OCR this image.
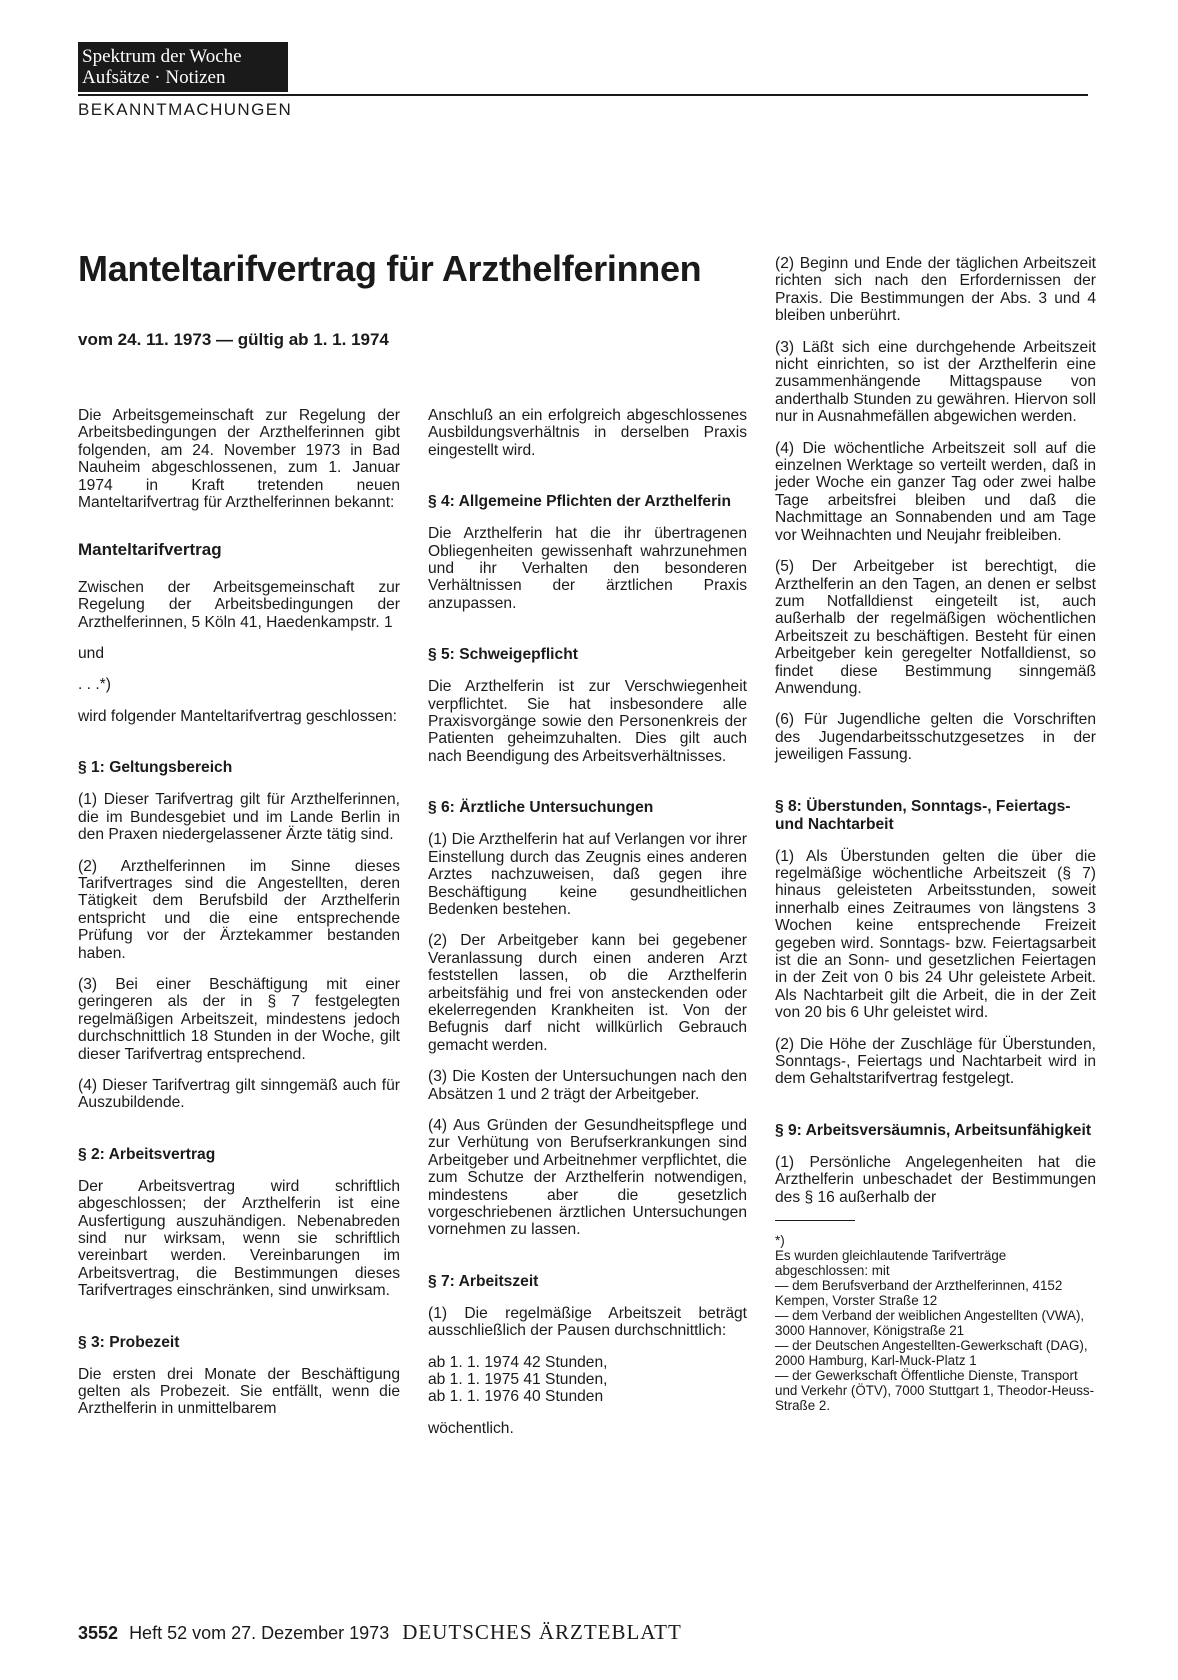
Spektrum der Woche
Aufsätze · Notizen
BEKANNTMACHUNGEN
Manteltarifvertrag für Arzthelferinnen
vom 24. 11. 1973 — gültig ab 1. 1. 1974

Die Arbeitsgemeinschaft zur Regelung der Arbeitsbedingungen der Arzthelferinnen gibt folgenden, am 24. November 1973 in Bad Nauheim abgeschlossenen, zum 1. Januar 1974 in Kraft tretenden neuen Manteltarifvertrag für Arzthelferinnen bekannt:

Manteltarifvertrag

Zwischen der Arbeitsgemeinschaft zur Regelung der Arbeitsbedingungen der Arzthelferinnen, 5 Köln 41, Haedenkampstr. 1

und

. . .*)

wird folgender Manteltarifvertrag geschlossen:

§ 1: Geltungsbereich

(1) Dieser Tarifvertrag gilt für Arzthelferinnen, die im Bundesgebiet und im Lande Berlin in den Praxen niedergelassener Ärzte tätig sind.

(2) Arzthelferinnen im Sinne dieses Tarifvertrages sind die Angestellten, deren Tätigkeit dem Berufsbild der Arzthelferin entspricht und die eine entsprechende Prüfung vor der Ärztekammer bestanden haben.

(3) Bei einer Beschäftigung mit einer geringeren als der in § 7 festgelegten regelmäßigen Arbeitszeit, mindestens jedoch durchschnittlich 18 Stunden in der Woche, gilt dieser Tarifvertrag entsprechend.

(4) Dieser Tarifvertrag gilt sinngemäß auch für Auszubildende.

§ 2: Arbeitsvertrag

Der Arbeitsvertrag wird schriftlich abgeschlossen; der Arzthelferin ist eine Ausfertigung auszuhändigen. Nebenabreden sind nur wirksam, wenn sie schriftlich vereinbart werden. Vereinbarungen im Arbeitsvertrag, die Bestimmungen dieses Tarifvertrages einschränken, sind unwirksam.

§ 3: Probezeit

Die ersten drei Monate der Beschäftigung gelten als Probezeit. Sie entfällt, wenn die Arzthelferin in unmittelbarem

Anschluß an ein erfolgreich abgeschlossenes Ausbildungsverhältnis in derselben Praxis eingestellt wird.

§ 4: Allgemeine Pflichten der Arzthelferin

Die Arzthelferin hat die ihr übertragenen Obliegenheiten gewissenhaft wahrzunehmen und ihr Verhalten den besonderen Verhältnissen der ärztlichen Praxis anzupassen.

§ 5: Schweigepflicht

Die Arzthelferin ist zur Verschwiegenheit verpflichtet. Sie hat insbesondere alle Praxisvorgänge sowie den Personenkreis der Patienten geheimzuhalten. Dies gilt auch nach Beendigung des Arbeitsverhältnisses.

§ 6: Ärztliche Untersuchungen

(1) Die Arzthelferin hat auf Verlangen vor ihrer Einstellung durch das Zeugnis eines anderen Arztes nachzuweisen, daß gegen ihre Beschäftigung keine gesundheitlichen Bedenken bestehen.

(2) Der Arbeitgeber kann bei gegebener Veranlassung durch einen anderen Arzt feststellen lassen, ob die Arzthelferin arbeitsfähig und frei von ansteckenden oder ekelerregenden Krankheiten ist. Von der Befugnis darf nicht willkürlich Gebrauch gemacht werden.

(3) Die Kosten der Untersuchungen nach den Absätzen 1 und 2 trägt der Arbeitgeber.

(4) Aus Gründen der Gesundheitspflege und zur Verhütung von Berufserkrankungen sind Arbeitgeber und Arbeitnehmer verpflichtet, die zum Schutze der Arzthelferin notwendigen, mindestens aber die gesetzlich vorgeschriebenen ärztlichen Untersuchungen vornehmen zu lassen.

§ 7: Arbeitszeit

(1) Die regelmäßige Arbeitszeit beträgt ausschließlich der Pausen durchschnittlich:

ab 1. 1. 1974 42 Stunden,
ab 1. 1. 1975 41 Stunden,
ab 1. 1. 1976 40 Stunden

wöchentlich.

(2) Beginn und Ende der täglichen Arbeitszeit richten sich nach den Erfordernissen der Praxis. Die Bestimmungen der Abs. 3 und 4 bleiben unberührt.

(3) Läßt sich eine durchgehende Arbeitszeit nicht einrichten, so ist der Arzthelferin eine zusammenhängende Mittagspause von anderthalb Stunden zu gewähren. Hiervon soll nur in Ausnahmefällen abgewichen werden.

(4) Die wöchentliche Arbeitszeit soll auf die einzelnen Werktage so verteilt werden, daß in jeder Woche ein ganzer Tag oder zwei halbe Tage arbeitsfrei bleiben und daß die Nachmittage an Sonnabenden und am Tage vor Weihnachten und Neujahr freibleiben.

(5) Der Arbeitgeber ist berechtigt, die Arzthelferin an den Tagen, an denen er selbst zum Notfalldienst eingeteilt ist, auch außerhalb der regelmäßigen wöchentlichen Arbeitszeit zu beschäftigen. Besteht für einen Arbeitgeber kein geregelter Notfalldienst, so findet diese Bestimmung sinngemäß Anwendung.

(6) Für Jugendliche gelten die Vorschriften des Jugendarbeitsschutzgesetzes in der jeweiligen Fassung.

§ 8: Überstunden, Sonntags-, Feiertags- und Nachtarbeit

(1) Als Überstunden gelten die über die regelmäßige wöchentliche Arbeitszeit (§ 7) hinaus geleisteten Arbeitsstunden, soweit innerhalb eines Zeitraumes von längstens 3 Wochen keine entsprechende Freizeit gegeben wird. Sonntags- bzw. Feiertagsarbeit ist die an Sonn- und gesetzlichen Feiertagen in der Zeit von 0 bis 24 Uhr geleistete Arbeit. Als Nachtarbeit gilt die Arbeit, die in der Zeit von 20 bis 6 Uhr geleistet wird.

(2) Die Höhe der Zuschläge für Überstunden, Sonntags-, Feiertags und Nachtarbeit wird in dem Gehaltstarifvertrag festgelegt.

§ 9: Arbeitsversäumnis, Arbeitsunfähigkeit

(1) Persönliche Angelegenheiten hat die Arzthelferin unbeschadet der Bestimmungen des § 16 außerhalb der

*)

Es wurden gleichlautende Tarifverträge abgeschlossen: mit

— dem Berufsverband der Arzthelferinnen, 4152 Kempen, Vorster Straße 12

— dem Verband der weiblichen Angestellten (VWA), 3000 Hannover, Königstraße 21

— der Deutschen Angestellten-Gewerkschaft (DAG), 2000 Hamburg, Karl-Muck-Platz 1

— der Gewerkschaft Öffentliche Dienste, Transport und Verkehr (ÖTV), 7000 Stuttgart 1, Theodor-Heuss-Straße 2.

3552 Heft 52 vom 27. Dezember 1973 DEUTSCHES ÄRZTEBLATT
